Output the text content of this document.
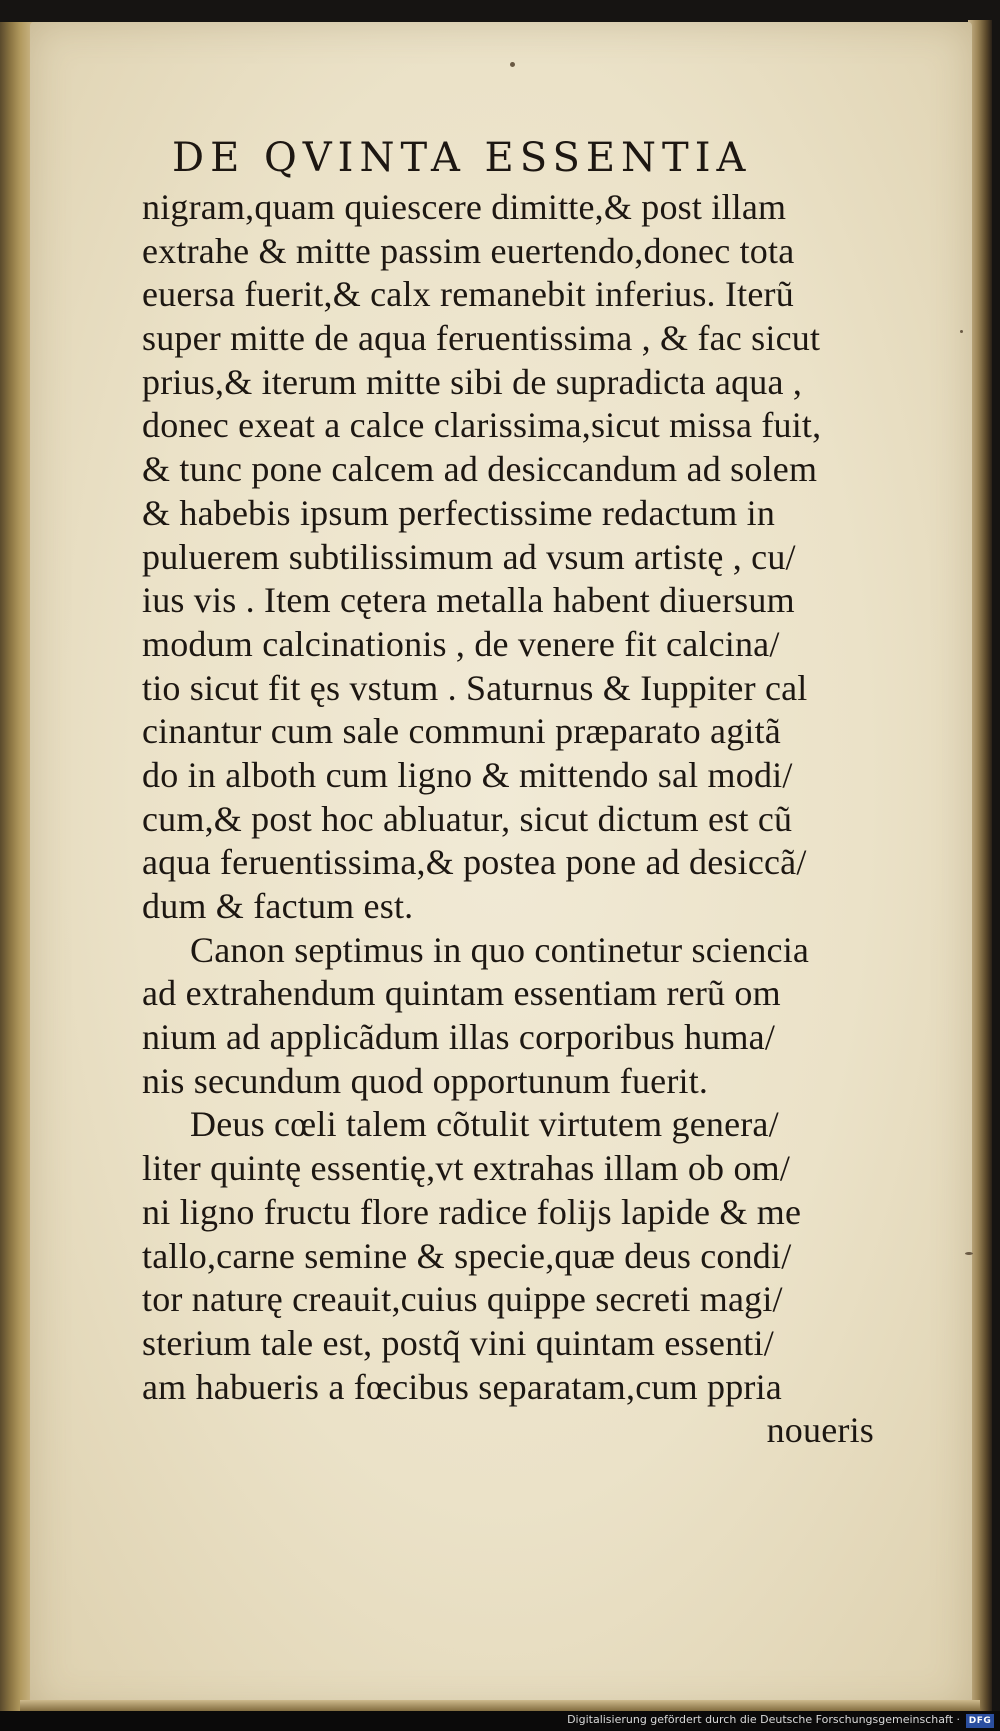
DE QVINTA ESSENTIA
nigram,quam quiescere dimitte,& post illam
extrahe & mitte passim euertendo,donec tota
euersa fuerit,& calx remanebit inferius. Iterũ
super mitte de aqua feruentissima , & fac sicut
prius,& iterum mitte sibi de supradicta aqua ,
donec exeat a calce clarissima,sicut missa fuit,
& tunc pone calcem ad desiccandum ad solem
& habebis ipsum perfectissime redactum in
puluerem subtilissimum ad vsum artistę , cu/
ius vis . Item cętera metalla habent diuersum
modum calcinationis , de venere fit calcina/
tio sicut fit ęs vstum . Saturnus & Iuppiter cal
cinantur cum sale communi præparato agitã
do in alboth cum ligno & mittendo sal modi/
cum,& post hoc abluatur, sicut dictum est cũ
aqua feruentissima,& postea pone ad desiccã/
dum & factum est.
Canon septimus in quo continetur sciencia
ad extrahendum quintam essentiam rerũ om
nium ad applicãdum illas corporibus huma/
nis secundum quod opportunum fuerit.
Deus cœli talem cõtulit virtutem genera/
liter quintę essentię,vt extrahas illam ob om/
ni ligno fructu flore radice folijs lapide & me
tallo,carne semine & specie,quæ deus condi/
tor naturę creauit,cuius quippe secreti magi/
sterium tale est, postq̃ vini quintam essenti/
am habueris a fœcibus separatam,cum ppria
noueris
Digitalisierung gefördert durch die Deutsche Forschungsgemeinschaft · DFG
